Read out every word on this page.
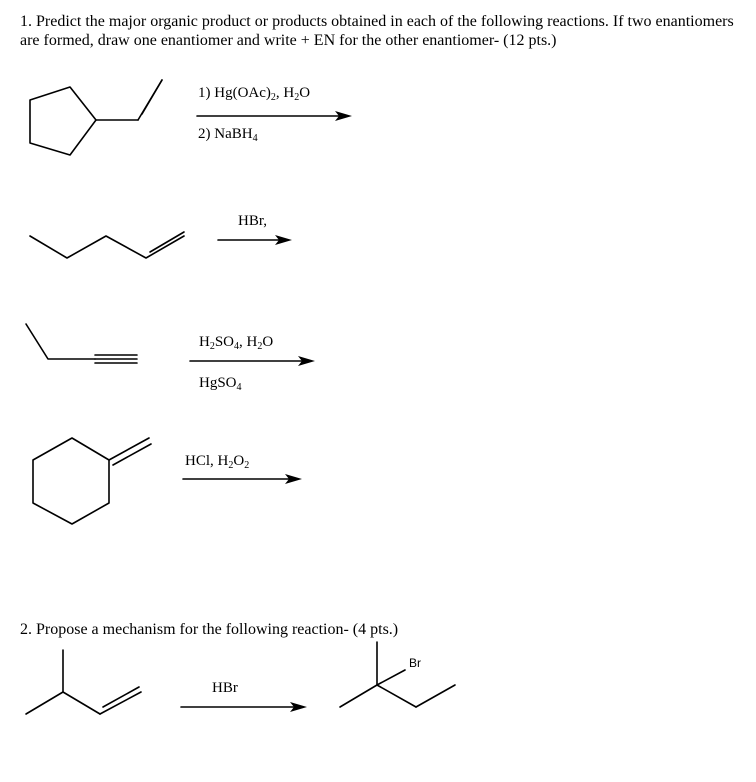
1. Predict the major organic product or products obtained in each of the following reactions. If two enantiomers are formed, draw one enantiomer and write + EN for the other enantiomer- (12 pts.)

1) $Hg(OAc)_2$, $H_2O$
2) NaBH$_4$
HBr,
$H_2SO_4$, $H_2O$
HgSO$_4$
HCl, $H_2O_2$

2. Propose a mechanism for the following reaction- (4 pts.)

HBr
Br
